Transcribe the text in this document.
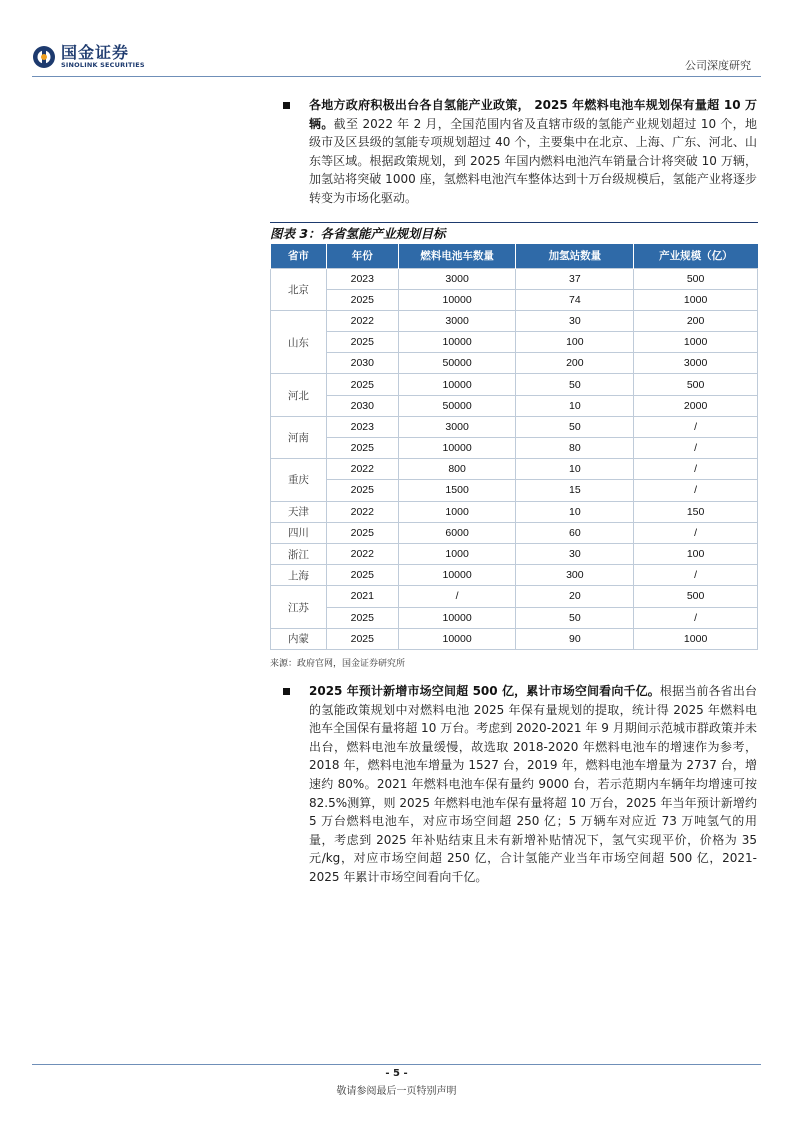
国金证券
SINOLINK SECURITIES	公司深度研究
各地方政府积极出台各自氢能产业政策， 2025 年燃料电池车规划保有量超 10 万辆。截至 2022 年 2 月，全国范围内省及直辖市级的氢能产业规划超过 10 个，地级市及区县级的氢能专项规划超过 40 个，主要集中在北京、上海、广东、河北、山东等区域。根据政策规划，到 2025 年国内燃料电池汽车销量合计将突破 10 万辆，加氢站将突破 1000 座，氢燃料电池汽车整体达到十万台级规模后，氢能产业将逐步转变为市场化驱动。
图表 3：各省氢能产业规划目标
省市	年份	燃料电池车数量	加氢站数量	产业规模（亿）
北京	2023	3000	37	500
	2025	10000	74	1000
山东	2022	3000	30	200
	2025	10000	100	1000
	2030	50000	200	3000
河北	2025	10000	50	500
	2030	50000	10	2000
河南	2023	3000	50	/
	2025	10000	80	/
重庆	2022	800	10	/
	2025	1500	15	/
天津	2022	1000	10	150
四川	2025	6000	60	/
浙江	2022	1000	30	100
上海	2025	10000	300	/
江苏	2021	/	20	500
	2025	10000	50	/
内蒙	2025	10000	90	1000
来源：政府官网，国金证券研究所
2025 年预计新增市场空间超 500 亿，累计市场空间看向千亿。根据当前各省出台的氢能政策规划中对燃料电池 2025 年保有量规划的提取，统计得 2025 年燃料电池车全国保有量将超 10 万台。考虑到 2020-2021 年 9 月期间示范城市群政策并未出台，燃料电池车放量缓慢，故选取 2018-2020 年燃料电池车的增速作为参考，2018 年，燃料电池车增量为 1527 台，2019 年，燃料电池车增量为 2737 台，增速约 80%。2021 年燃料电池车保有量约 9000 台，若示范期内车辆年均增速可按 82.5%测算，则 2025 年燃料电池车保有量将超 10 万台，2025 年当年预计新增约 5 万台燃料电池车，对应市场空间超 250 亿；5 万辆车对应近 73 万吨氢气的用量，考虑到 2025 年补贴结束且未有新增补贴情况下，氢气实现平价，价格为 35 元/kg，对应市场空间超 250 亿，合计氢能产业当年市场空间超 500 亿，2021-2025 年累计市场空间看向千亿。
- 5 -
敬请参阅最后一页特别声明
